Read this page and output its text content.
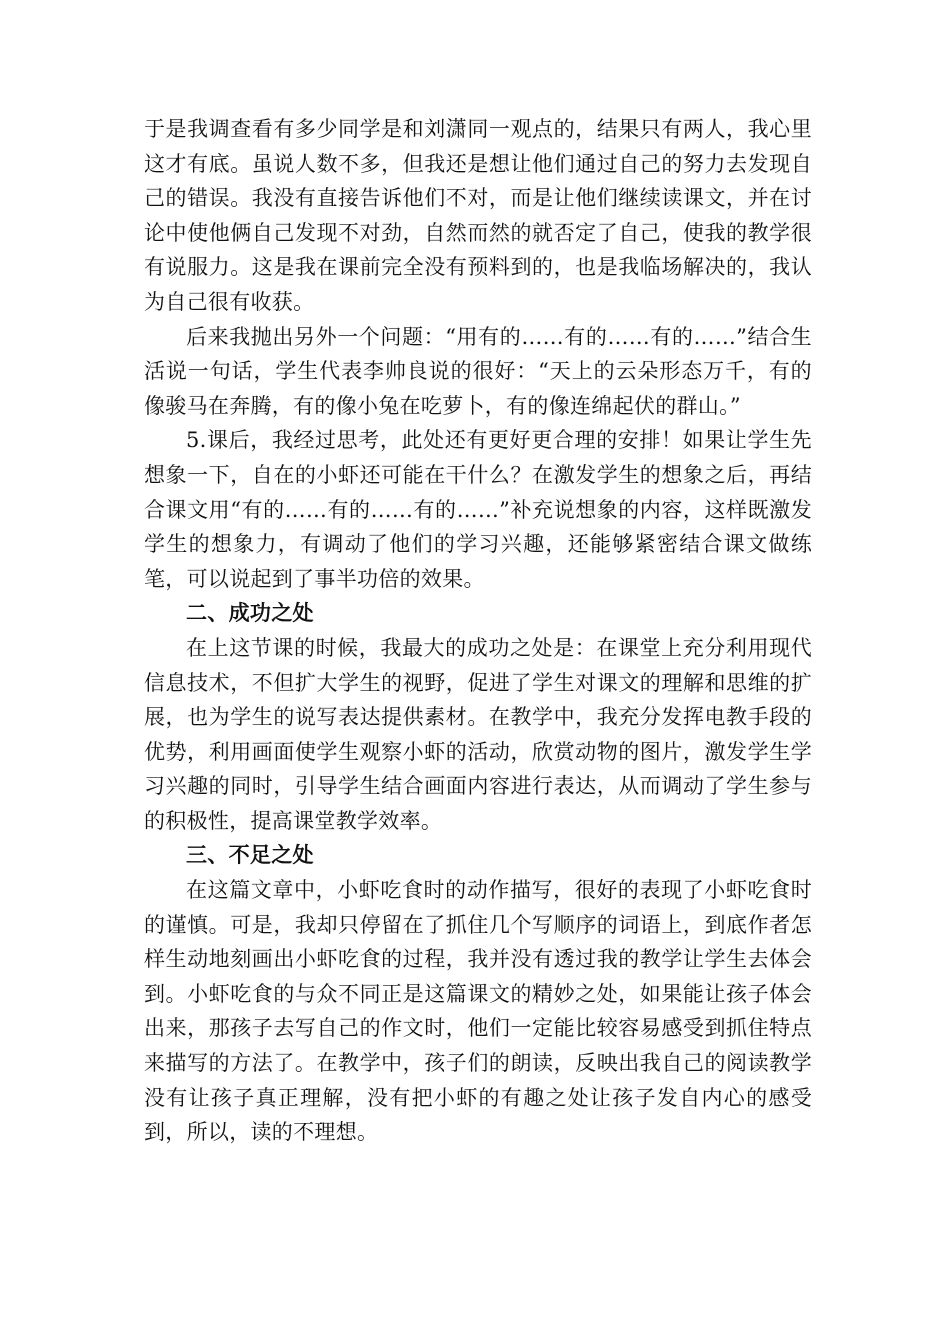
于是我调查看有多少同学是和刘潇同一观点的，结果只有两人，我心里这才有底。虽说人数不多，但我还是想让他们通过自己的努力去发现自己的错误。我没有直接告诉他们不对，而是让他们继续读课文，并在讨论中使他俩自己发现不对劲，自然而然的就否定了自己，使我的教学很有说服力。这是我在课前完全没有预料到的，也是我临场解决的，我认为自己很有收获。

后来我抛出另外一个问题：“用有的……有的……有的……”结合生活说一句话，学生代表李帅良说的很好：“天上的云朵形态万千，有的像骏马在奔腾，有的像小兔在吃萝卜，有的像连绵起伏的群山。”

5.课后，我经过思考，此处还有更好更合理的安排！如果让学生先想象一下，自在的小虾还可能在干什么？在激发学生的想象之后，再结合课文用“有的……有的……有的……”补充说想象的内容，这样既激发学生的想象力，有调动了他们的学习兴趣，还能够紧密结合课文做练笔，可以说起到了事半功倍的效果。

二、成功之处

在上这节课的时候，我最大的成功之处是：在课堂上充分利用现代信息技术，不但扩大学生的视野，促进了学生对课文的理解和思维的扩展，也为学生的说写表达提供素材。在教学中，我充分发挥电教手段的优势，利用画面使学生观察小虾的活动，欣赏动物的图片，激发学生学习兴趣的同时，引导学生结合画面内容进行表达，从而调动了学生参与的积极性，提高课堂教学效率。

三、不足之处

在这篇文章中，小虾吃食时的动作描写，很好的表现了小虾吃食时的谨慎。可是，我却只停留在了抓住几个写顺序的词语上，到底作者怎样生动地刻画出小虾吃食的过程，我并没有透过我的教学让学生去体会到。小虾吃食的与众不同正是这篇课文的精妙之处，如果能让孩子体会出来，那孩子去写自己的作文时，他们一定能比较容易感受到抓住特点来描写的方法了。在教学中，孩子们的朗读，反映出我自己的阅读教学没有让孩子真正理解，没有把小虾的有趣之处让孩子发自内心的感受到，所以，读的不理想。
